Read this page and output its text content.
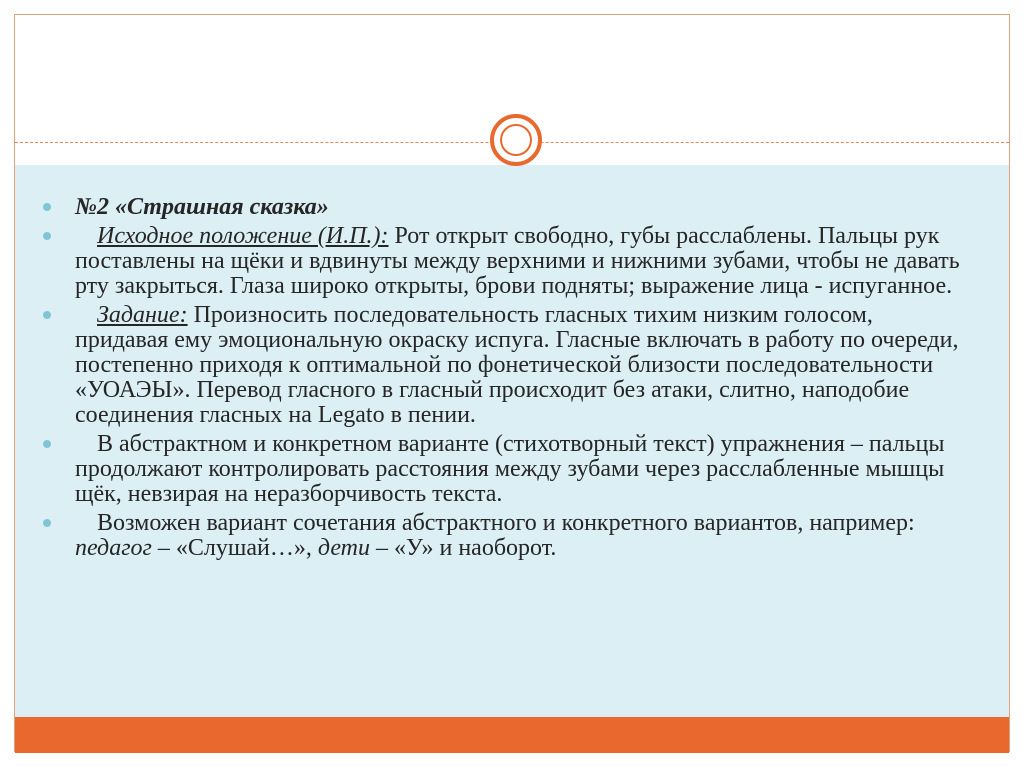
№2 «Страшная сказка»
Исходное положение (И.П.): Рот открыт свободно, губы расслаблены. Пальцы рук поставлены на щёки и вдвинуты между верхними и нижними зубами, чтобы не давать рту закрыться. Глаза широко открыты, брови подняты; выражение лица - испуганное.
Задание: Произносить последовательность гласных тихим низким голосом, придавая ему эмоциональную окраску испуга. Гласные включать в работу по очереди, постепенно приходя к оптимальной по фонетической близости последовательности «УОАЭЫ». Перевод гласного в гласный происходит без атаки, слитно, наподобие соединения гласных на Legato в пении.
В абстрактном и конкретном варианте (стихотворный текст) упражнения – пальцы продолжают контролировать расстояния между зубами через расслабленные мышцы щёк, невзирая на неразборчивость текста.
Возможен вариант сочетания абстрактного и конкретного вариантов, например: педагог – «Слушай…», дети – «У» и наоборот.
